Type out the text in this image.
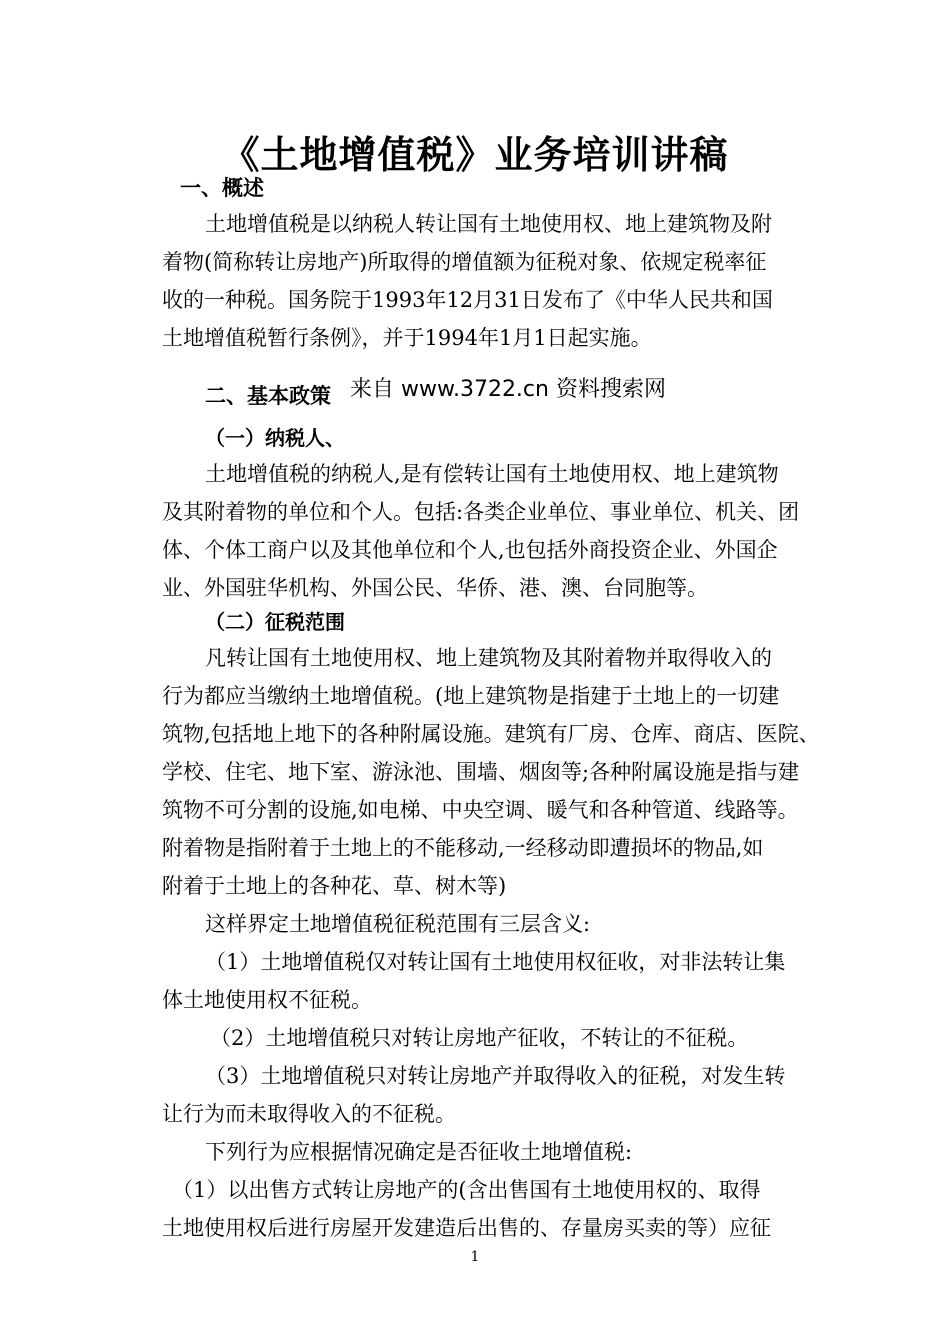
《土地增值税》业务培训讲稿
一、概述
土地增值税是以纳税人转让国有土地使用权、地上建筑物及附
着物(简称转让房地产)所取得的增值额为征税对象、依规定税率征
收的一种税。国务院于1993年12月31日发布了《中华人民共和国
土地增值税暂行条例》，并于1994年1月1日起实施。
二、基本政策 来自 www.3722.cn 资料搜索网
（一）纳税人、
土地增值税的纳税人,是有偿转让国有土地使用权、地上建筑物
及其附着物的单位和个人。包括:各类企业单位、事业单位、机关、团
体、个体工商户以及其他单位和个人,也包括外商投资企业、外国企
业、外国驻华机构、外国公民、华侨、港、澳、台同胞等。
（二）征税范围
凡转让国有土地使用权、地上建筑物及其附着物并取得收入的
行为都应当缴纳土地增值税。(地上建筑物是指建于土地上的一切建
筑物,包括地上地下的各种附属设施。建筑有厂房、仓库、商店、医院、
学校、住宅、地下室、游泳池、围墙、烟囱等;各种附属设施是指与建
筑物不可分割的设施,如电梯、中央空调、暖气和各种管道、线路等。
附着物是指附着于土地上的不能移动,一经移动即遭损坏的物品,如
附着于土地上的各种花、草、树木等)
这样界定土地增值税征税范围有三层含义:
（1）土地增值税仅对转让国有土地使用权征收，对非法转让集
体土地使用权不征税。
（2）土地增值税只对转让房地产征收，不转让的不征税。
（3）土地增值税只对转让房地产并取得收入的征税，对发生转
让行为而未取得收入的不征税。
下列行为应根据情况确定是否征收土地增值税:
（1）以出售方式转让房地产的(含出售国有土地使用权的、取得
土地使用权后进行房屋开发建造后出售的、存量房买卖的等）应征
1
